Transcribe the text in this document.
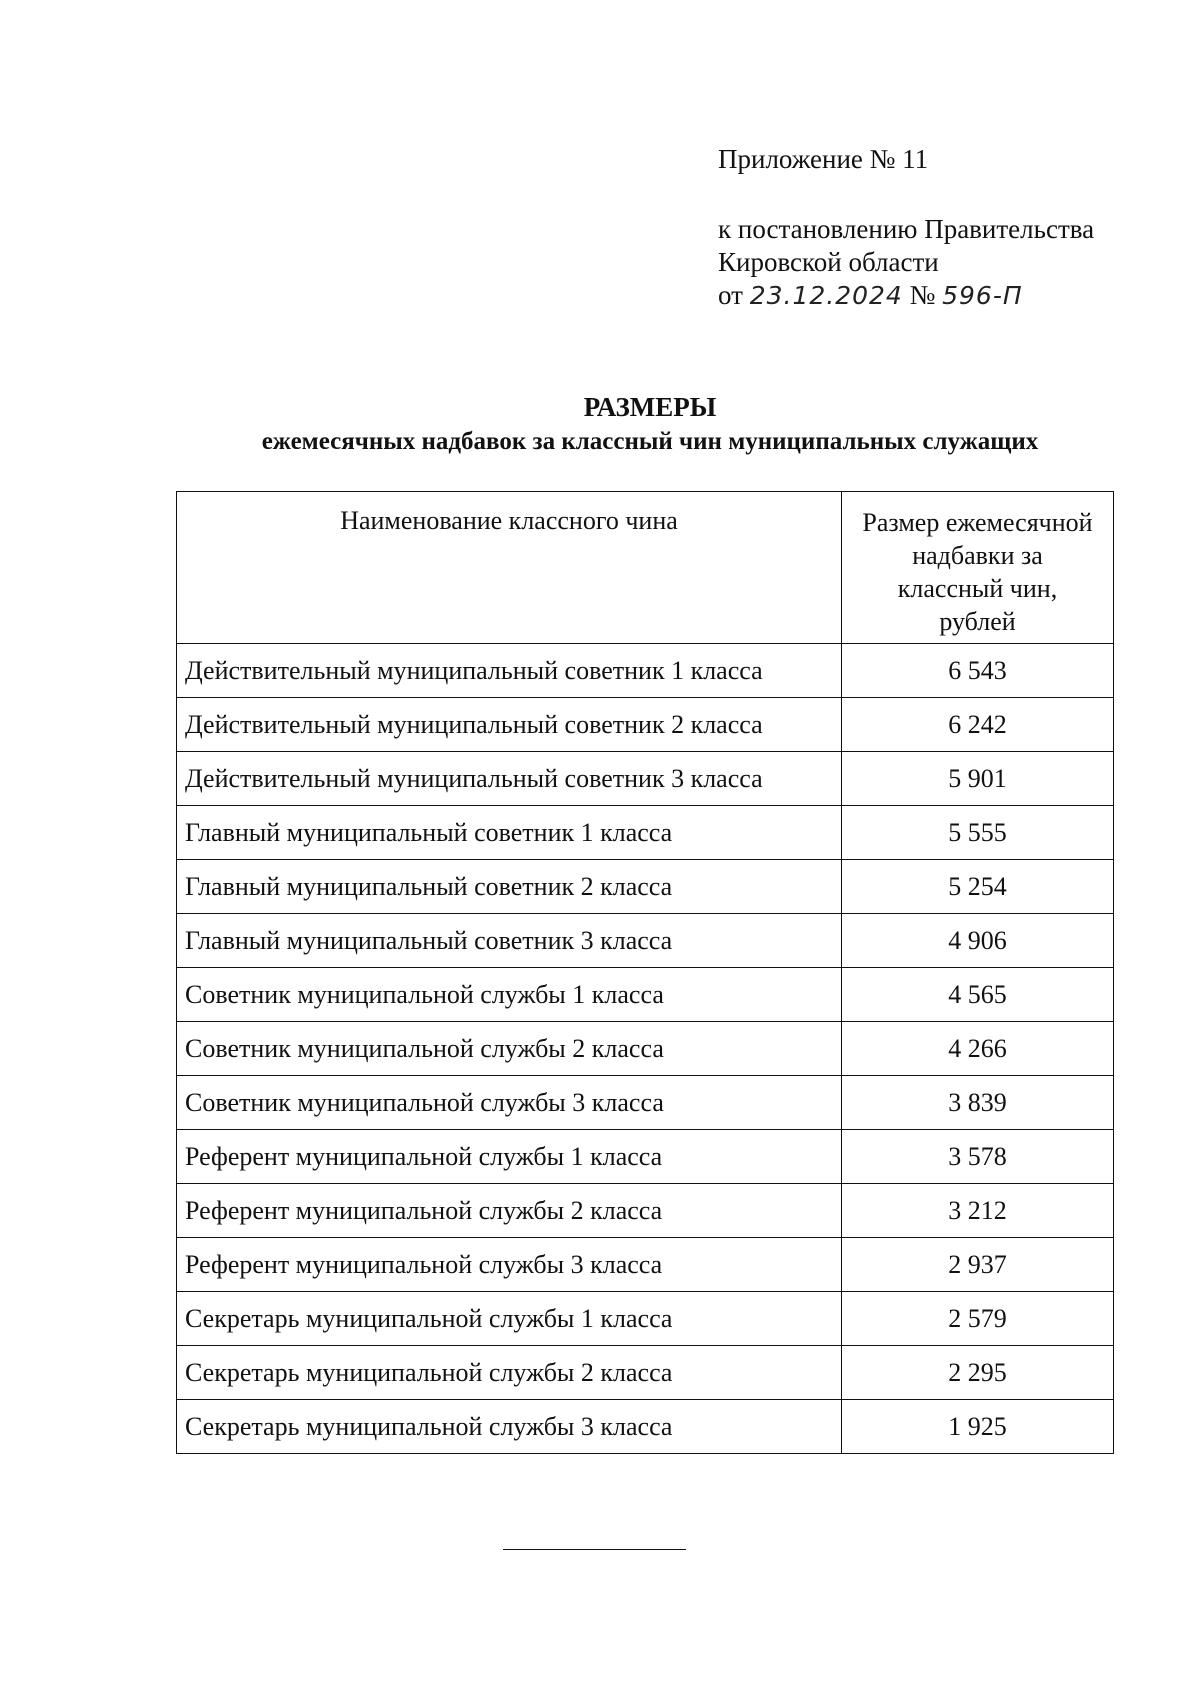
Приложение № 11
к постановлению Правительства
Кировской области
от 23.12.2024 № 596-П
РАЗМЕРЫ
ежемесячных надбавок за классный чин муниципальных служащих
Наименование классного чина	Размер ежемесячной
надбавки за
классный чин,
рублей

Действительный муниципальный советник 1 класса	6 543
Действительный муниципальный советник 2 класса	6 242
Действительный муниципальный советник 3 класса	5 901
Главный муниципальный советник 1 класса	5 555
Главный муниципальный советник 2 класса	5 254
Главный муниципальный советник 3 класса	4 906
Советник муниципальной службы 1 класса	4 565
Советник муниципальной службы 2 класса	4 266
Советник муниципальной службы 3 класса	3 839
Референт муниципальной службы 1 класса	3 578
Референт муниципальной службы 2 класса	3 212
Референт муниципальной службы 3 класса	2 937
Секретарь муниципальной службы 1 класса	2 579
Секретарь муниципальной службы 2 класса	2 295
Секретарь муниципальной службы 3 класса	1 925
